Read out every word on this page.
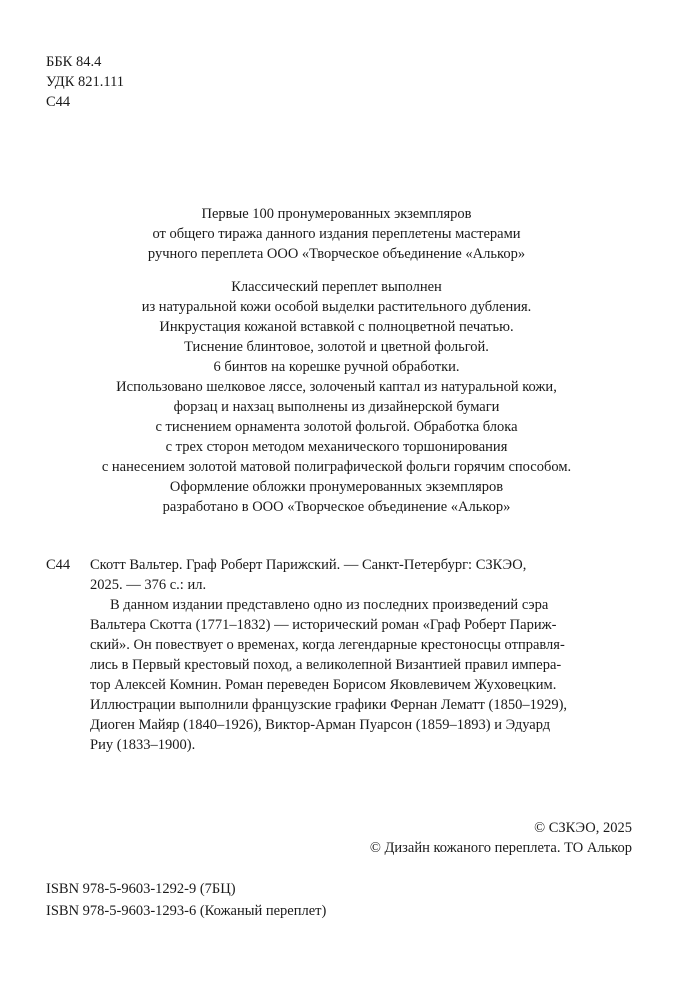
ББК 84.4
УДК 821.111
С44
Первые 100 пронумерованных экземпляров
от общего тиража данного издания переплетены мастерами
ручного переплета ООО «Творческое объединение «Алькор»
Классический переплет выполнен
из натуральной кожи особой выделки растительного дубления.
Инкрустация кожаной вставкой с полноцветной печатью.
Тиснение блинтовое, золотой и цветной фольгой.
6 бинтов на корешке ручной обработки.
Использовано шелковое ляссе, золоченый каптал из натуральной кожи,
форзац и нахзац выполнены из дизайнерской бумаги
с тиснением орнамента золотой фольгой. Обработка блока
с трех сторон методом механического торшонирования
с нанесением золотой матовой полиграфической фольги горячим способом.
Оформление обложки пронумерованных экземпляров
разработано в ООО «Творческое объединение «Алькор»
С44	Скотт Вальтер. Граф Роберт Парижский. — Санкт-Петербург: СЗКЭО,
2025. — 376 с.: ил.
В данном издании представлено одно из последних произведений сэра
Вальтера Скотта (1771–1832) — исторический роман «Граф Роберт Париж-
ский». Он повествует о временах, когда легендарные крестоносцы отправля-
лись в Первый крестовый поход, а великолепной Византией правил импера-
тор Алексей Комнин. Роман переведен Борисом Яковлевичем Жуховецким.
Иллюстрации выполнили французские графики Фернан Лематт (1850–1929),
Диоген Майяр (1840–1926), Виктор-Арман Пуарсон (1859–1893) и Эдуард
Риу (1833–1900).
© СЗКЭО, 2025
© Дизайн кожаного переплета. ТО Алькор
ISBN 978-5-9603-1292-9 (7БЦ)
ISBN 978-5-9603-1293-6 (Кожаный переплет)
